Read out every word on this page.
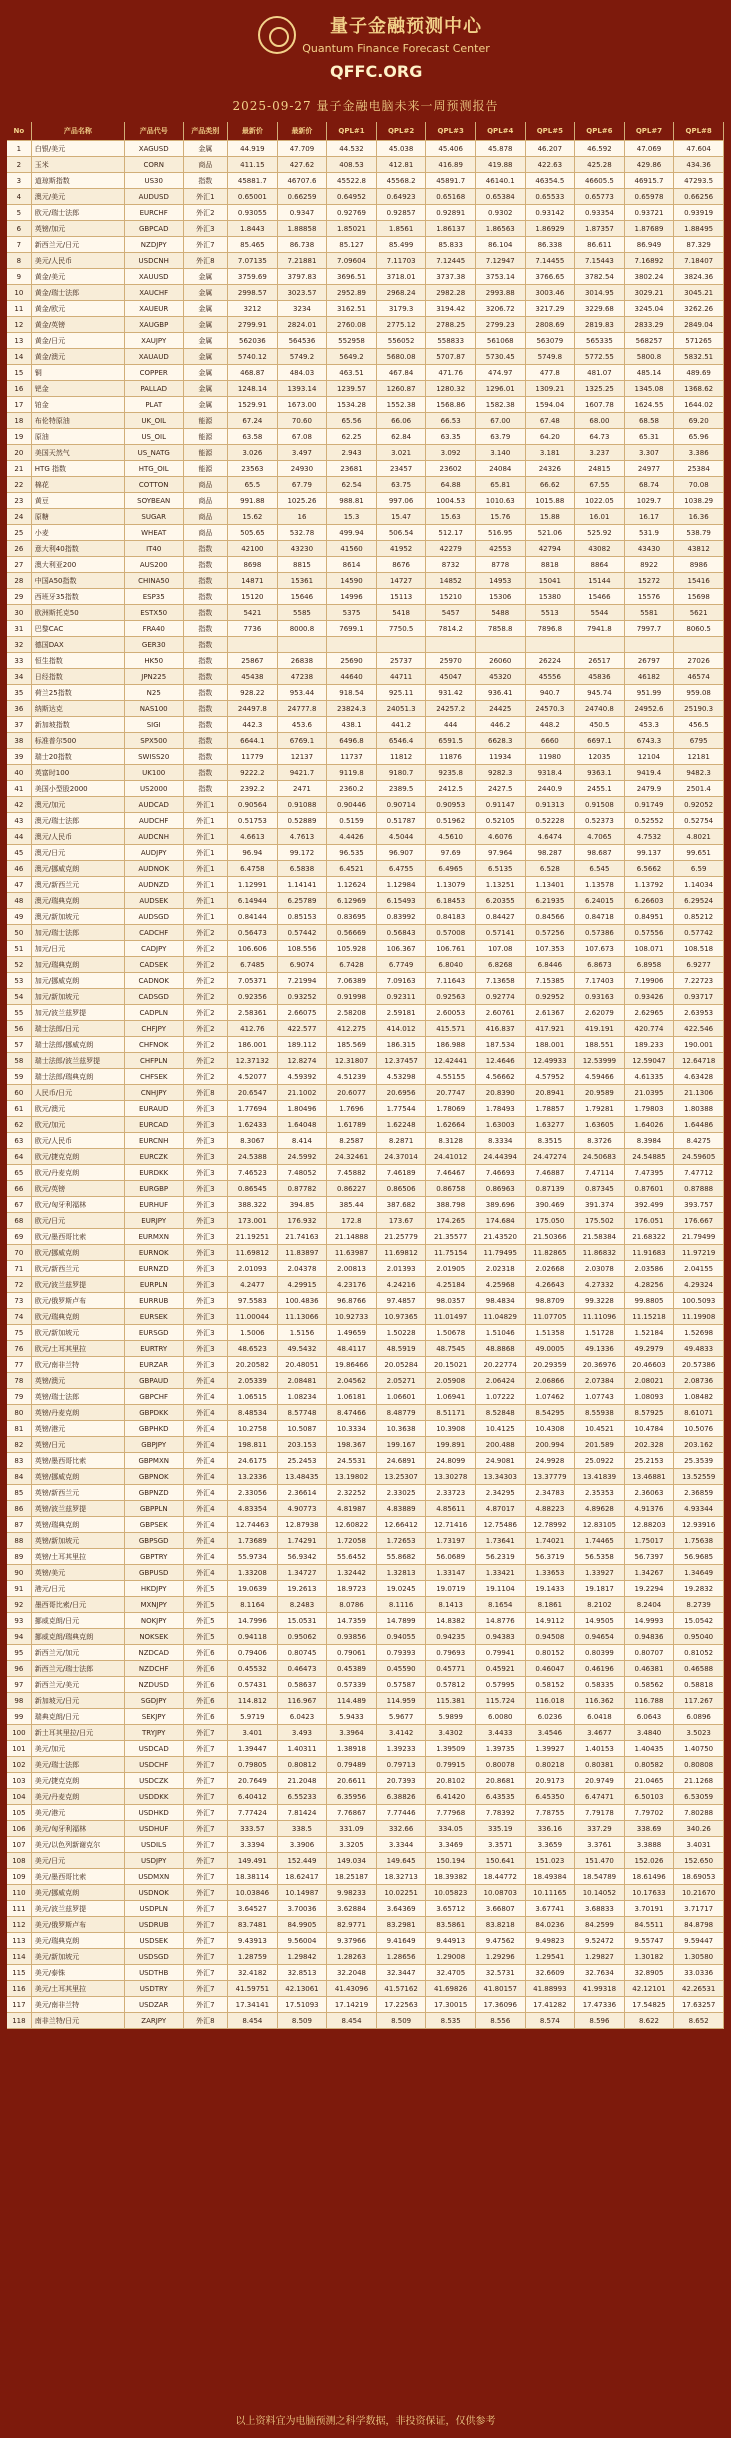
量子金融预测中心
Quantum Finance Forecast Center
QFFC.ORG
2025-09-27 量子金融电脑未来一周预测报告
No	产品名称	产品代号	产品类别	最新价	最新价	QPL#1	QPL#2	QPL#3	QPL#4	QPL#5	QPL#6	QPL#7	QPL#8
1	白银/美元	XAGUSD	金属	44.919	47.709	44.532	45.038	45.406	45.878	46.207	46.592	47.069	47.604
2	玉米	CORN	商品	411.15	427.62	408.53	412.81	416.89	419.88	422.63	425.28	429.86	434.36
3	道琼斯指数	US30	指数	45881.7	46707.6	45522.8	45568.2	45891.7	46140.1	46354.5	46605.5	46915.7	47293.5
4	澳元/美元	AUDUSD	外汇1	0.65001	0.66259	0.64952	0.64923	0.65168	0.65384	0.65533	0.65773	0.65978	0.66256
5	欧元/瑞士法郎	EURCHF	外汇2	0.93055	0.9347	0.92769	0.92857	0.92891	0.9302	0.93142	0.93354	0.93721	0.93919
6	英镑/加元	GBPCAD	外汇3	1.8443	1.88858	1.85021	1.8561	1.86137	1.86563	1.86929	1.87357	1.87689	1.88495
7	新西兰元/日元	NZDJPY	外汇7	85.465	86.738	85.127	85.499	85.833	86.104	86.338	86.611	86.949	87.329
8	美元/人民币	USDCNH	外汇8	7.07135	7.21881	7.09604	7.11703	7.12445	7.12947	7.14455	7.15443	7.16892	7.18407
9	黄金/美元	XAUUSD	金属	3759.69	3797.83	3696.51	3718.01	3737.38	3753.14	3766.65	3782.54	3802.24	3824.36
10	黄金/瑞士法郎	XAUCHF	金属	2998.57	3023.57	2952.89	2968.24	2982.28	2993.88	3003.46	3014.95	3029.21	3045.21
11	黄金/欧元	XAUEUR	金属	3212	3234	3162.51	3179.3	3194.42	3206.72	3217.29	3229.68	3245.04	3262.26
12	黄金/英镑	XAUGBP	金属	2799.91	2824.01	2760.08	2775.12	2788.25	2799.23	2808.69	2819.83	2833.29	2849.04
13	黄金/日元	XAUJPY	金属	562036	564536	552958	556052	558833	561068	563079	565335	568257	571265
14	黄金/澳元	XAUAUD	金属	5740.12	5749.2	5649.2	5680.08	5707.87	5730.45	5749.8	5772.55	5800.8	5832.51
15	铜	COPPER	金属	468.87	484.03	463.51	467.84	471.76	474.97	477.8	481.07	485.14	489.69
16	钯金	PALLAD	金属	1248.14	1393.14	1239.57	1260.87	1280.32	1296.01	1309.21	1325.25	1345.08	1368.62
17	铂金	PLAT	金属	1529.91	1673.00	1534.28	1552.38	1568.86	1582.38	1594.04	1607.78	1624.55	1644.02
18	布伦特原油	UK_OIL	能源	67.24	70.60	65.56	66.06	66.53	67.00	67.48	68.00	68.58	69.20
19	原油	US_OIL	能源	63.58	67.08	62.25	62.84	63.35	63.79	64.20	64.73	65.31	65.96
20	美国天然气	US_NATG	能源	3.026	3.497	2.943	3.021	3.092	3.140	3.181	3.237	3.307	3.386
21	HTG 指数	HTG_OIL	能源	23563	24930	23681	23457	23602	24084	24326	24815	24977	25384
22	棉花	COTTON	商品	65.5	67.79	62.54	63.75	64.88	65.81	66.62	67.55	68.74	70.08
23	黄豆	SOYBEAN	商品	991.88	1025.26	988.81	997.06	1004.53	1010.63	1015.88	1022.05	1029.7	1038.29
24	原糖	SUGAR	商品	15.62	16	15.3	15.47	15.63	15.76	15.88	16.01	16.17	16.36
25	小麦	WHEAT	商品	505.65	532.78	499.94	506.54	512.17	516.95	521.06	525.92	531.9	538.79
26	意大利40指数	IT40	指数	42100	43230	41560	41952	42279	42553	42794	43082	43430	43812
27	澳大利亚200	AUS200	指数	8698	8815	8614	8676	8732	8778	8818	8864	8922	8986
28	中国A50指数	CHINA50	指数	14871	15361	14590	14727	14852	14953	15041	15144	15272	15416
29	西班牙35指数	ESP35	指数	15120	15646	14996	15113	15210	15306	15380	15466	15576	15698
30	欧洲斯托克50	ESTX50	指数	5421	5585	5375	5418	5457	5488	5513	5544	5581	5621
31	巴黎CAC	FRA40	指数	7736	8000.8	7699.1	7750.5	7814.2	7858.8	7896.8	7941.8	7997.7	8060.5
32	德国DAX	GER30	指数										
33	恒生指数	HK50	指数	25867	26838	25690	25737	25970	26060	26224	26517	26797	27026
34	日经指数	JPN225	指数	45438	47238	44640	44711	45047	45320	45556	45836	46182	46574
35	荷兰25指数	N25	指数	928.22	953.44	918.54	925.11	931.42	936.41	940.7	945.74	951.99	959.08
36	纳斯达克	NAS100	指数	24497.8	24777.8	23824.3	24051.3	24257.2	24425	24570.3	24740.8	24952.6	25190.3
37	新加坡指数	SIGI	指数	442.3	453.6	438.1	441.2	444	446.2	448.2	450.5	453.3	456.5
38	标准普尔500	SPX500	指数	6644.1	6769.1	6496.8	6546.4	6591.5	6628.3	6660	6697.1	6743.3	6795
39	瑞士20指数	SWISS20	指数	11779	12137	11737	11812	11876	11934	11980	12035	12104	12181
40	英富时100	UK100	指数	9222.2	9421.7	9119.8	9180.7	9235.8	9282.3	9318.4	9363.1	9419.4	9482.3
41	美国小型股2000	US2000	指数	2392.2	2471	2360.2	2389.5	2412.5	2427.5	2440.9	2455.1	2479.9	2501.4
42	澳元/加元	AUDCAD	外汇1	0.90564	0.91088	0.90446	0.90714	0.90953	0.91147	0.91313	0.91508	0.91749	0.92052
43	澳元/瑞士法郎	AUDCHF	外汇1	0.51753	0.52889	0.5159	0.51787	0.51962	0.52105	0.52228	0.52373	0.52552	0.52754
44	澳元/人民币	AUDCNH	外汇1	4.6613	4.7613	4.4426	4.5044	4.5610	4.6076	4.6474	4.7065	4.7532	4.8021
45	澳元/日元	AUDJPY	外汇1	96.94	99.172	96.535	96.907	97.69	97.964	98.287	98.687	99.137	99.651
46	澳元/挪威克朗	AUDNOK	外汇1	6.4758	6.5838	6.4521	6.4755	6.4965	6.5135	6.528	6.545	6.5662	6.59
47	澳元/新西兰元	AUDNZD	外汇1	1.12991	1.14141	1.12624	1.12984	1.13079	1.13251	1.13401	1.13578	1.13792	1.14034
48	澳元/瑞典克朗	AUDSEK	外汇1	6.14944	6.25789	6.12969	6.15493	6.18453	6.20355	6.21935	6.24015	6.26603	6.29524
49	澳元/新加坡元	AUDSGD	外汇1	0.84144	0.85153	0.83695	0.83992	0.84183	0.84427	0.84566	0.84718	0.84951	0.85212
50	加元/瑞士法郎	CADCHF	外汇2	0.56473	0.57442	0.56669	0.56843	0.57008	0.57141	0.57256	0.57386	0.57556	0.57742
51	加元/日元	CADJPY	外汇2	106.606	108.556	105.928	106.367	106.761	107.08	107.353	107.673	108.071	108.518
52	加元/瑞典克朗	CADSEK	外汇2	6.7485	6.9074	6.7428	6.7749	6.8040	6.8268	6.8446	6.8673	6.8958	6.9277
53	加元/挪威克朗	CADNOK	外汇2	7.05371	7.21994	7.06389	7.09163	7.11643	7.13658	7.15385	7.17403	7.19906	7.22723
54	加元/新加坡元	CADSGD	外汇2	0.92356	0.93252	0.91998	0.92311	0.92563	0.92774	0.92952	0.93163	0.93426	0.93717
55	加元/波兰兹罗提	CADPLN	外汇2	2.58361	2.66075	2.58208	2.59181	2.60053	2.60761	2.61367	2.62079	2.62965	2.63953
56	瑞士法郎/日元	CHFJPY	外汇2	412.76	422.577	412.275	414.012	415.571	416.837	417.921	419.191	420.774	422.546
57	瑞士法郎/挪威克朗	CHFNOK	外汇2	186.001	189.112	185.569	186.315	186.988	187.534	188.001	188.551	189.233	190.001
58	瑞士法郎/波兰兹罗提	CHFPLN	外汇2	12.37132	12.8274	12.31807	12.37457	12.42441	12.4646	12.49933	12.53999	12.59047	12.64718
59	瑞士法郎/瑞典克朗	CHFSEK	外汇2	4.52077	4.59392	4.51239	4.53298	4.55155	4.56662	4.57952	4.59466	4.61335	4.63428
60	人民币/日元	CNHJPY	外汇8	20.6547	21.1002	20.6077	20.6956	20.7747	20.8390	20.8941	20.9589	21.0395	21.1306
61	欧元/澳元	EURAUD	外汇3	1.77694	1.80496	1.7696	1.77544	1.78069	1.78493	1.78857	1.79281	1.79803	1.80388
62	欧元/加元	EURCAD	外汇3	1.62433	1.64048	1.61789	1.62248	1.62664	1.63003	1.63277	1.63605	1.64026	1.64486
63	欧元/人民币	EURCNH	外汇3	8.3067	8.414	8.2587	8.2871	8.3128	8.3334	8.3515	8.3726	8.3984	8.4275
64	欧元/捷克克朗	EURCZK	外汇3	24.5388	24.5992	24.32461	24.37014	24.41012	24.44394	24.47274	24.50683	24.54885	24.59605
65	欧元/丹麦克朗	EURDKK	外汇3	7.46523	7.48052	7.45882	7.46189	7.46467	7.46693	7.46887	7.47114	7.47395	7.47712
66	欧元/英镑	EURGBP	外汇3	0.86545	0.87782	0.86227	0.86506	0.86758	0.86963	0.87139	0.87345	0.87601	0.87888
67	欧元/匈牙利福林	EURHUF	外汇3	388.322	394.85	385.44	387.682	388.798	389.696	390.469	391.374	392.499	393.757
68	欧元/日元	EURJPY	外汇3	173.001	176.932	172.8	173.67	174.265	174.684	175.050	175.502	176.051	176.667
69	欧元/墨西哥比索	EURMXN	外汇3	21.19251	21.74163	21.14888	21.25779	21.35577	21.43520	21.50366	21.58384	21.68322	21.79499
70	欧元/挪威克朗	EURNOK	外汇3	11.69812	11.83897	11.63987	11.69812	11.75154	11.79495	11.82865	11.86832	11.91683	11.97219
71	欧元/新西兰元	EURNZD	外汇3	2.01093	2.04378	2.00813	2.01393	2.01905	2.02318	2.02668	2.03078	2.03586	2.04155
72	欧元/波兰兹罗提	EURPLN	外汇3	4.2477	4.29915	4.23176	4.24216	4.25184	4.25968	4.26643	4.27332	4.28256	4.29324
73	欧元/俄罗斯卢布	EURRUB	外汇3	97.5583	100.4836	96.8766	97.4857	98.0357	98.4834	98.8709	99.3228	99.8805	100.5093
74	欧元/瑞典克朗	EURSEK	外汇3	11.00044	11.13066	10.92733	10.97365	11.01497	11.04829	11.07705	11.11096	11.15218	11.19908
75	欧元/新加坡元	EURSGD	外汇3	1.5006	1.5156	1.49659	1.50228	1.50678	1.51046	1.51358	1.51728	1.52184	1.52698
76	欧元/土耳其里拉	EURTRY	外汇3	48.6523	49.5432	48.4117	48.5919	48.7545	48.8868	49.0005	49.1336	49.2979	49.4833
77	欧元/南非兰特	EURZAR	外汇3	20.20582	20.48051	19.86466	20.05284	20.15021	20.22774	20.29359	20.36976	20.46603	20.57386
78	英镑/澳元	GBPAUD	外汇4	2.05339	2.08481	2.04562	2.05271	2.05908	2.06424	2.06866	2.07384	2.08021	2.08736
79	英镑/瑞士法郎	GBPCHF	外汇4	1.06515	1.08234	1.06181	1.06601	1.06941	1.07222	1.07462	1.07743	1.08093	1.08482
80	英镑/丹麦克朗	GBPDKK	外汇4	8.48534	8.57748	8.47466	8.48779	8.51171	8.52848	8.54295	8.55938	8.57925	8.61071
81	英镑/港元	GBPHKD	外汇4	10.2758	10.5087	10.3334	10.3638	10.3908	10.4125	10.4308	10.4521	10.4784	10.5076
82	英镑/日元	GBPJPY	外汇4	198.811	203.153	198.367	199.167	199.891	200.488	200.994	201.589	202.328	203.162
83	英镑/墨西哥比索	GBPMXN	外汇4	24.6175	25.2453	24.5531	24.6891	24.8099	24.9081	24.9928	25.0922	25.2153	25.3539
84	英镑/挪威克朗	GBPNOK	外汇4	13.2336	13.48435	13.19802	13.25307	13.30278	13.34303	13.37779	13.41839	13.46881	13.52559
85	英镑/新西兰元	GBPNZD	外汇4	2.33056	2.36614	2.32252	2.33025	2.33723	2.34295	2.34783	2.35353	2.36063	2.36859
86	英镑/波兰兹罗提	GBPPLN	外汇4	4.83354	4.90773	4.81987	4.83889	4.85611	4.87017	4.88223	4.89628	4.91376	4.93344
87	英镑/瑞典克朗	GBPSEK	外汇4	12.74463	12.87938	12.60822	12.66412	12.71416	12.75486	12.78992	12.83105	12.88203	12.93916
88	英镑/新加坡元	GBPSGD	外汇4	1.73689	1.74291	1.72058	1.72653	1.73197	1.73641	1.74021	1.74465	1.75017	1.75638
89	英镑/土耳其里拉	GBPTRY	外汇4	55.9734	56.9342	55.6452	55.8682	56.0689	56.2319	56.3719	56.5358	56.7397	56.9685
90	英镑/美元	GBPUSD	外汇4	1.33208	1.34727	1.32442	1.32813	1.33147	1.33421	1.33653	1.33927	1.34267	1.34649
91	港元/日元	HKDJPY	外汇5	19.0639	19.2613	18.9723	19.0245	19.0719	19.1104	19.1433	19.1817	19.2294	19.2832
92	墨西哥比索/日元	MXNJPY	外汇5	8.1164	8.2483	8.0786	8.1116	8.1413	8.1654	8.1861	8.2102	8.2404	8.2739
93	挪威克朗/日元	NOKJPY	外汇5	14.7996	15.0531	14.7359	14.7899	14.8382	14.8776	14.9112	14.9505	14.9993	15.0542
94	挪威克朗/瑞典克朗	NOKSEK	外汇5	0.94118	0.95062	0.93856	0.94055	0.94235	0.94383	0.94508	0.94654	0.94836	0.95040
95	新西兰元/加元	NZDCAD	外汇6	0.79406	0.80745	0.79061	0.79393	0.79693	0.79941	0.80152	0.80399	0.80707	0.81052
96	新西兰元/瑞士法郎	NZDCHF	外汇6	0.45532	0.46473	0.45389	0.45590	0.45771	0.45921	0.46047	0.46196	0.46381	0.46588
97	新西兰元/美元	NZDUSD	外汇6	0.57431	0.58637	0.57339	0.57587	0.57812	0.57995	0.58152	0.58335	0.58562	0.58818
98	新加坡元/日元	SGDJPY	外汇6	114.812	116.967	114.489	114.959	115.381	115.724	116.018	116.362	116.788	117.267
99	瑞典克朗/日元	SEKJPY	外汇6	5.9719	6.0423	5.9433	5.9677	5.9899	6.0080	6.0236	6.0418	6.0643	6.0896
100	新土耳其里拉/日元	TRYJPY	外汇7	3.401	3.493	3.3964	3.4142	3.4302	3.4433	3.4546	3.4677	3.4840	3.5023
101	美元/加元	USDCAD	外汇7	1.39447	1.40311	1.38918	1.39233	1.39509	1.39735	1.39927	1.40153	1.40435	1.40750
102	美元/瑞士法郎	USDCHF	外汇7	0.79805	0.80812	0.79489	0.79713	0.79915	0.80078	0.80218	0.80381	0.80582	0.80808
103	美元/捷克克朗	USDCZK	外汇7	20.7649	21.2048	20.6611	20.7393	20.8102	20.8681	20.9173	20.9749	21.0465	21.1268
104	美元/丹麦克朗	USDDKK	外汇7	6.40412	6.55233	6.35956	6.38826	6.41420	6.43535	6.45350	6.47471	6.50103	6.53059
105	美元/港元	USDHKD	外汇7	7.77424	7.81424	7.76867	7.77446	7.77968	7.78392	7.78755	7.79178	7.79702	7.80288
106	美元/匈牙利福林	USDHUF	外汇7	333.57	338.5	331.09	332.66	334.05	335.19	336.16	337.29	338.69	340.26
107	美元/以色列新谢克尔	USDILS	外汇7	3.3394	3.3906	3.3205	3.3344	3.3469	3.3571	3.3659	3.3761	3.3888	3.4031
108	美元/日元	USDJPY	外汇7	149.491	152.449	149.034	149.645	150.194	150.641	151.023	151.470	152.026	152.650
109	美元/墨西哥比索	USDMXN	外汇7	18.38114	18.62417	18.25187	18.32713	18.39382	18.44772	18.49384	18.54789	18.61496	18.69053
110	美元/挪威克朗	USDNOK	外汇7	10.03846	10.14987	9.98233	10.02251	10.05823	10.08703	10.11165	10.14052	10.17633	10.21670
111	美元/波兰兹罗提	USDPLN	外汇7	3.64527	3.70036	3.62884	3.64369	3.65712	3.66807	3.67741	3.68833	3.70191	3.71717
112	美元/俄罗斯卢布	USDRUB	外汇7	83.7481	84.9905	82.9771	83.2981	83.5861	83.8218	84.0236	84.2599	84.5511	84.8798
113	美元/瑞典克朗	USDSEK	外汇7	9.43913	9.56004	9.37966	9.41649	9.44913	9.47562	9.49823	9.52472	9.55747	9.59447
114	美元/新加坡元	USDSGD	外汇7	1.28759	1.29842	1.28263	1.28656	1.29008	1.29296	1.29541	1.29827	1.30182	1.30580
115	美元/泰铢	USDTHB	外汇7	32.4182	32.8513	32.2048	32.3447	32.4705	32.5731	32.6609	32.7634	32.8905	33.0336
116	美元/土耳其里拉	USDTRY	外汇7	41.59751	42.13061	41.43096	41.57162	41.69826	41.80157	41.88993	41.99318	42.12101	42.26531
117	美元/南非兰特	USDZAR	外汇7	17.34141	17.51093	17.14219	17.22563	17.30015	17.36096	17.41282	17.47336	17.54825	17.63257
118	南非兰特/日元	ZARJPY	外汇8	8.454	8.509	8.454	8.509	8.535	8.556	8.574	8.596	8.622	8.652
以上资料宜为电脑预测之科学数据，非投资保证，仅供参考
